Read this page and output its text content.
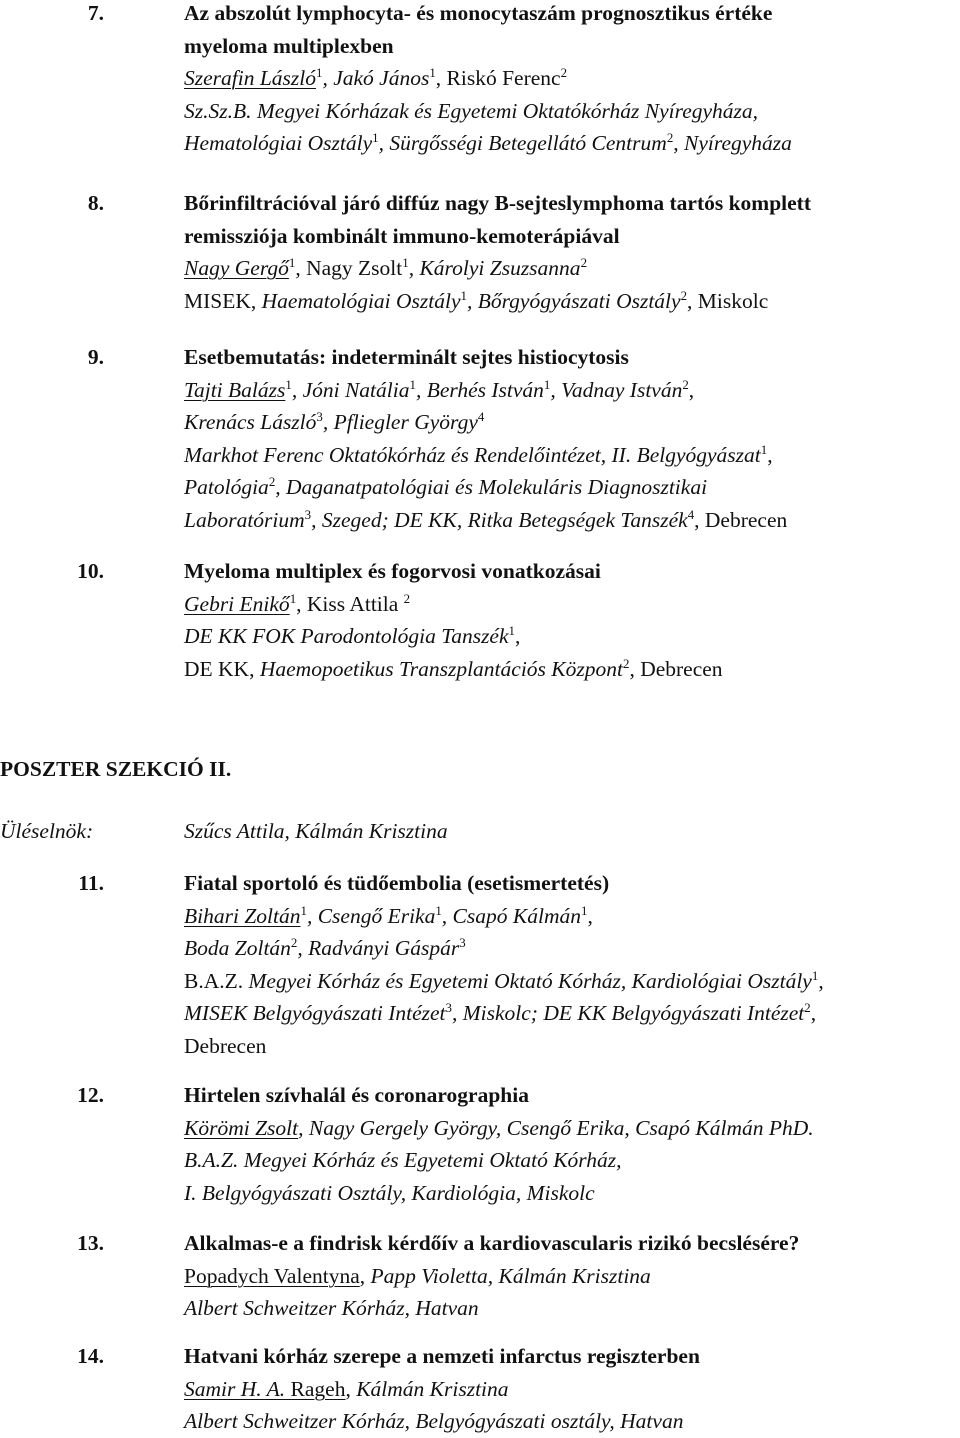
7.	Az abszolút lymphocyta- és monocytaszám prognosztikus értéke
myeloma multiplexben
Szerafin László$^1$, Jakó János$^1$, Riskó Ferenc$^2$
Sz.Sz.B. Megyei Kórházak és Egyetemi Oktatókórház Nyíregyháza,
Hematológiai Osztály$^1$, Sürgősségi Betegellátó Centrum$^2$, Nyíregyháza
8.	Bőrinfiltrációval járó diffúz nagy B-sejteslymphoma tartós komplett
remissziója kombinált immuno-kemoterápiával
Nagy Gergő$^1$, Nagy Zsolt$^1$, Károlyi Zsuzsanna$^2$
MISEK, Haematológiai Osztály$^1$, Bőrgyógyászati Osztály$^2$, Miskolc
9.	Esetbemutatás: indeterminált sejtes histiocytosis
Tajti Balázs$^1$, Jóni Natália$^1$, Berhés István$^1$, Vadnay István$^2$,
Krenács László$^3$, Pfliegler György$^4$
Markhot Ferenc Oktatókórház és Rendelőintézet, II. Belgyógyászat$^1$,
Patológia$^2$, Daganatpatológiai és Molekuláris Diagnosztikai
Laboratórium$^3$, Szeged; DE KK, Ritka Betegségek Tanszék$^4$, Debrecen
10.	Myeloma multiplex és fogorvosi vonatkozásai
Gebri Enikő$^1$, Kiss Attila $^2$
DE KK FOK Parodontológia Tanszék$^1$,
DE KK, Haemopoetikus Transzplantációs Központ$^2$, Debrecen
11.	Fiatal sportoló és tüdőembolia (esetismertetés)
Bihari Zoltán$^1$, Csengő Erika$^1$, Csapó Kálmán$^1$,
Boda Zoltán$^2$, Radványi Gáspár$^3$
B.A.Z. Megyei Kórház és Egyetemi Oktató Kórház, Kardiológiai Osztály$^1$,
MISEK Belgyógyászati Intézet$^3$, Miskolc; DE KK Belgyógyászati Intézet$^2$,
Debrecen
12.	Hirtelen szívhalál és coronarographia
Körömi Zsolt, Nagy Gergely György, Csengő Erika, Csapó Kálmán PhD.
B.A.Z. Megyei Kórház és Egyetemi Oktató Kórház,
I. Belgyógyászati Osztály, Kardiológia, Miskolc
13.	Alkalmas-e a findrisk kérdőív a kardiovascularis rizikó becslésére?
Popadych Valentyna, Papp Violetta, Kálmán Krisztina
Albert Schweitzer Kórház, Hatvan
14.	Hatvani kórház szerepe a nemzeti infarctus regiszterben
Samir H. A. Rageh, Kálmán Krisztina
Albert Schweitzer Kórház, Belgyógyászati osztály, Hatvan
POSZTER SZEKCIÓ II.
Üléselnök:	Szűcs Attila, Kálmán Krisztina
